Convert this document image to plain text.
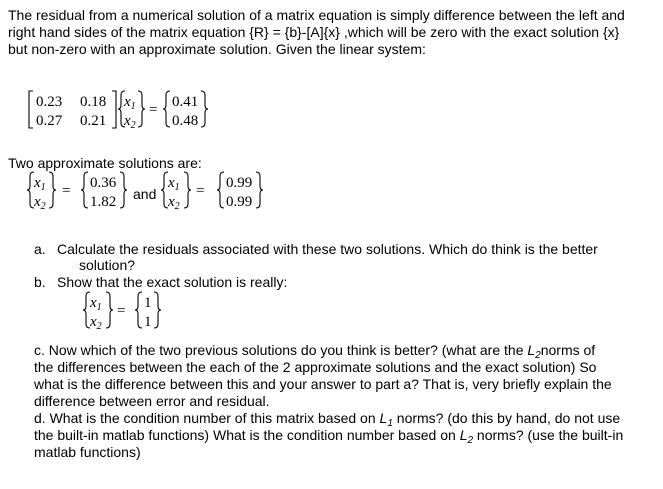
The residual from a numerical solution of a matrix equation is simply difference between the left and
right hand sides of the matrix equation {R} = {b}-[A]{x} ,which will be zero with the exact solution {x}
but non-zero with an approximate solution. Given the linear system:
0.23 0.18
0.27 0.21
$x_1$
$x_2$
= 0.41
0.48
$x_1$
$x_2$
= 0.36
1.82
$x_1$
$x_2$
= 0.99
0.99
$x_1$
$x_2$
= 1
1
Two approximate solutions are:
and
a. Calculate the residuals associated with these two solutions. Which do think is the better
solution?
b. Show that the exact solution is really:
c. Now which of the two previous solutions do you think is better? (what are the $L_2norms$ of
the differences between the each of the 2 approximate solutions and the exact solution) So
what is the difference between this and your answer to part a? That is, very briefly explain the
difference between error and residual.
d. What is the condition number of this matrix based on $L_1$ norms? (do this by hand, do not use
the built-in matlab functions) What is the condition number based on $L_2$ norms? (use the built-in
matlab functions)
